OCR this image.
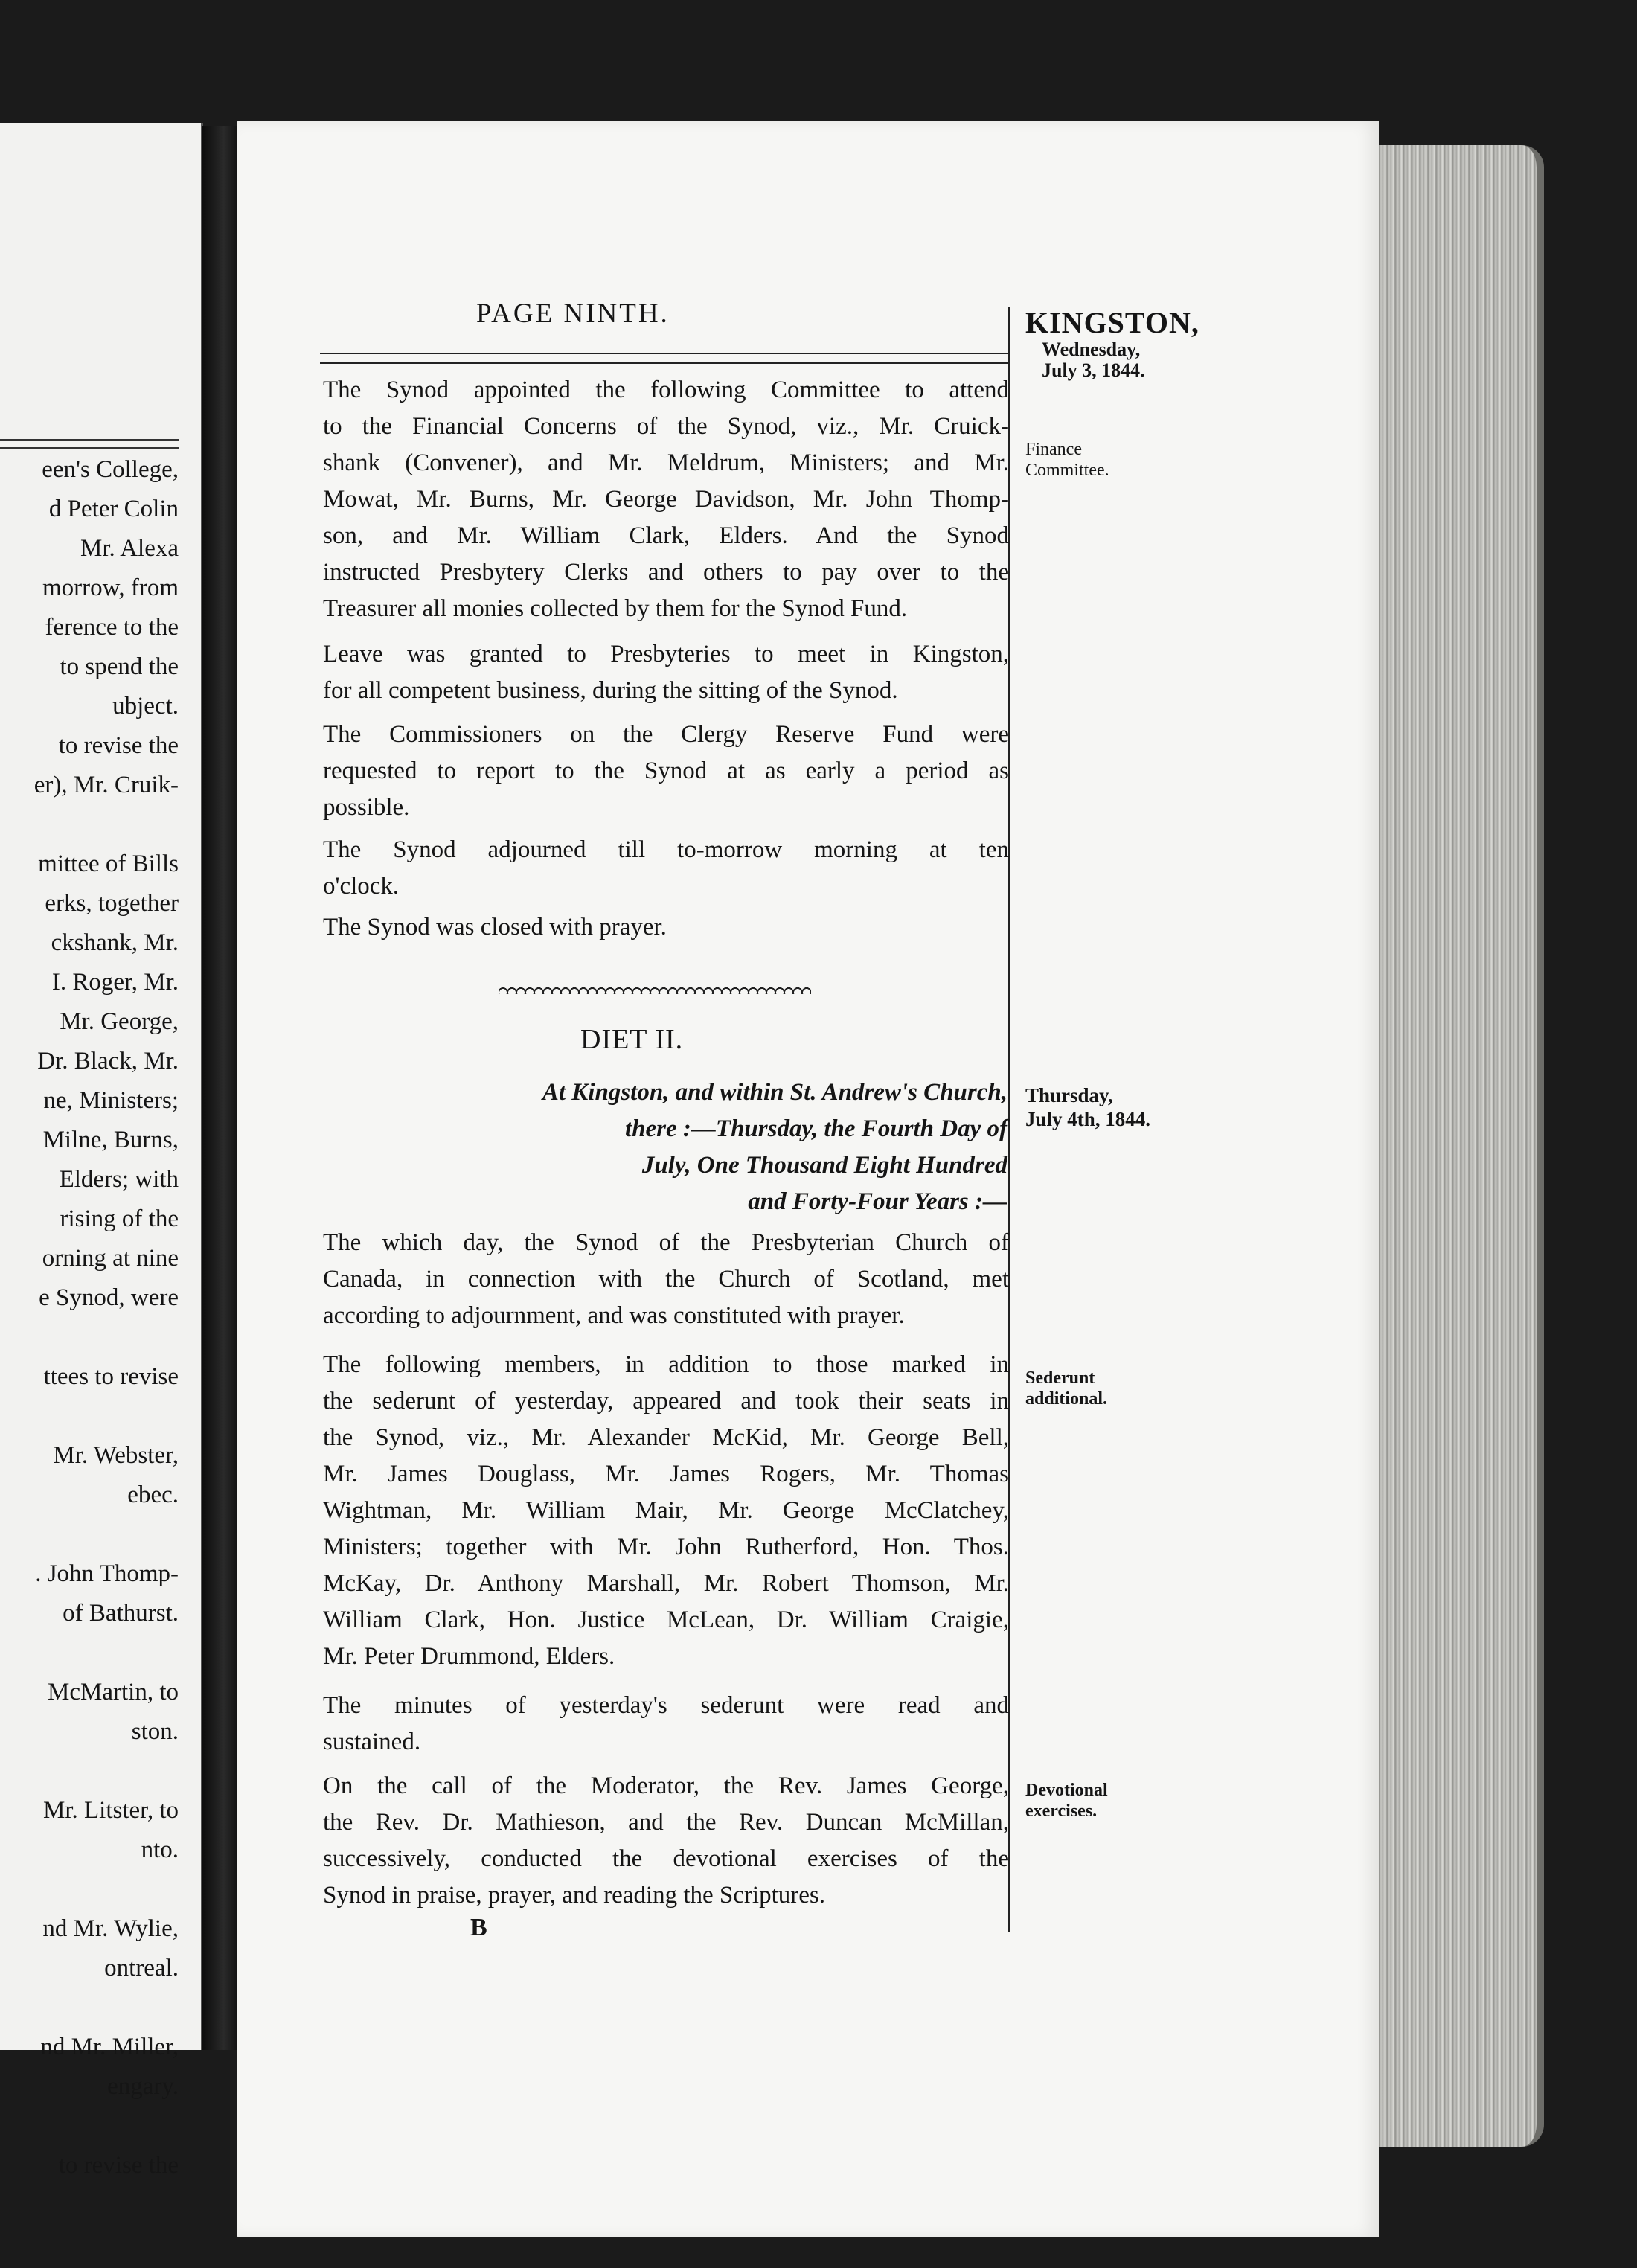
een's College,
d Peter Colin
Mr. Alexa
morrow, from
ference to the
to spend the
ubject.
to revise the
er), Mr. Cruik-
mittee of Bills
erks, together
ckshank, Mr.
I. Roger, Mr.
Mr. George,
Dr. Black, Mr.
ne, Ministers;
Milne, Burns,
Elders; with
rising of the
orning at nine
e Synod, were
ttees to revise
Mr. Webster,
ebec.
. John Thomp-
of Bathurst.
McMartin, to
ston.
Mr. Litster, to
nto.
nd Mr. Wylie,
ontreal.
nd Mr. Miller,
engary.
to revise the
PAGE NINTH.	KINGSTON,
Wednesday,
July 3, 1844.
Finance
Committee.
Thursday,
July 4th, 1844.
Sederunt
additional.
Devotional
exercises.
The Synod appointed the following Committee to attend
to the Financial Concerns of the Synod, viz., Mr. Cruick-
shank (Convener), and Mr. Meldrum, Ministers; and Mr.
Mowat, Mr. Burns, Mr. George Davidson, Mr. John Thomp-
son, and Mr. William Clark, Elders. And the Synod
instructed Presbytery Clerks and others to pay over to the
Treasurer all monies collected by them for the Synod Fund.
Leave was granted to Presbyteries to meet in Kingston,
for all competent business, during the sitting of the Synod.
The Commissioners on the Clergy Reserve Fund were
requested to report to the Synod at as early a period as
possible.
The Synod adjourned till to-morrow morning at ten
o'clock.
The Synod was closed with prayer.
DIET II.
At Kingston, and within St. Andrew's Church,
there :—Thursday, the Fourth Day of
July, One Thousand Eight Hundred
and Forty-Four Years :—
The which day, the Synod of the Presbyterian Church of
Canada, in connection with the Church of Scotland, met
according to adjournment, and was constituted with prayer.
The following members, in addition to those marked in
the sederunt of yesterday, appeared and took their seats in
the Synod, viz., Mr. Alexander McKid, Mr. George Bell,
Mr. James Douglass, Mr. James Rogers, Mr. Thomas
Wightman, Mr. William Mair, Mr. George McClatchey,
Ministers; together with Mr. John Rutherford, Hon. Thos.
McKay, Dr. Anthony Marshall, Mr. Robert Thomson, Mr.
William Clark, Hon. Justice McLean, Dr. William Craigie,
Mr. Peter Drummond, Elders.
The minutes of yesterday's sederunt were read and
sustained.
On the call of the Moderator, the Rev. James George,
the Rev. Dr. Mathieson, and the Rev. Duncan McMillan,
successively, conducted the devotional exercises of the
Synod in praise, prayer, and reading the Scriptures.
B
